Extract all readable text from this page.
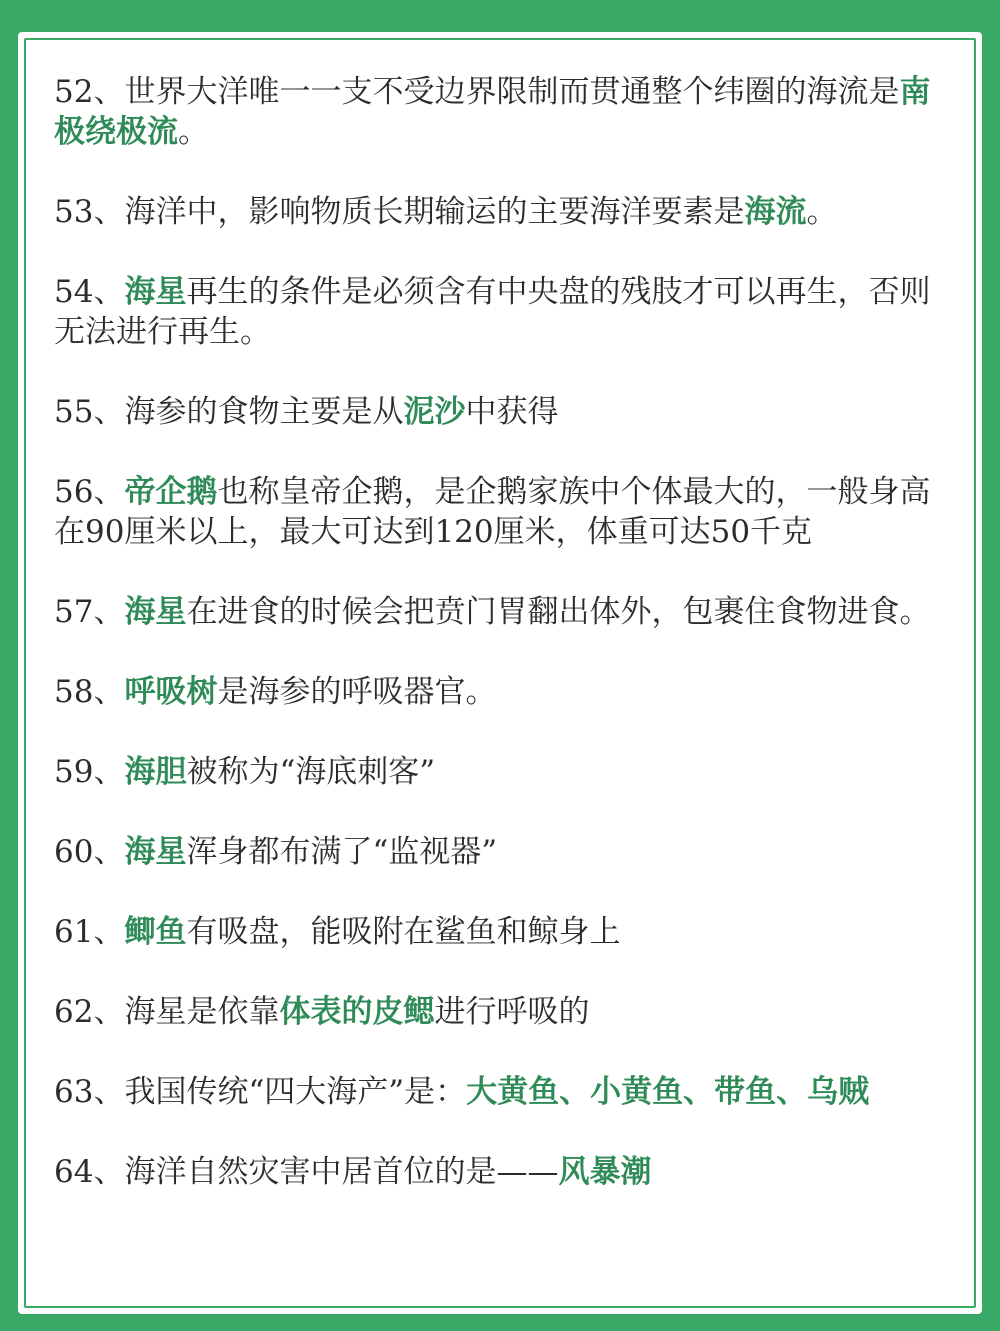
52、世界大洋唯一一支不受边界限制而贯通整个纬圈的海流是南极绕极流。
53、海洋中，影响物质长期输运的主要海洋要素是海流。
54、海星再生的条件是必须含有中央盘的残肢才可以再生，否则无法进行再生。
55、海参的食物主要是从泥沙中获得
56、帝企鹅也称皇帝企鹅，是企鹅家族中个体最大的，一般身高在90厘米以上，最大可达到120厘米，体重可达50千克
57、海星在进食的时候会把贲门胃翻出体外，包裹住食物进食。
58、呼吸树是海参的呼吸器官。
59、海胆被称为“海底刺客”
60、海星浑身都布满了“监视器”
61、鲫鱼有吸盘，能吸附在鲨鱼和鲸身上
62、海星是依靠体表的皮鳃进行呼吸的
63、我国传统“四大海产”是：大黄鱼、小黄鱼、带鱼、乌贼
64、海洋自然灾害中居首位的是——风暴潮
